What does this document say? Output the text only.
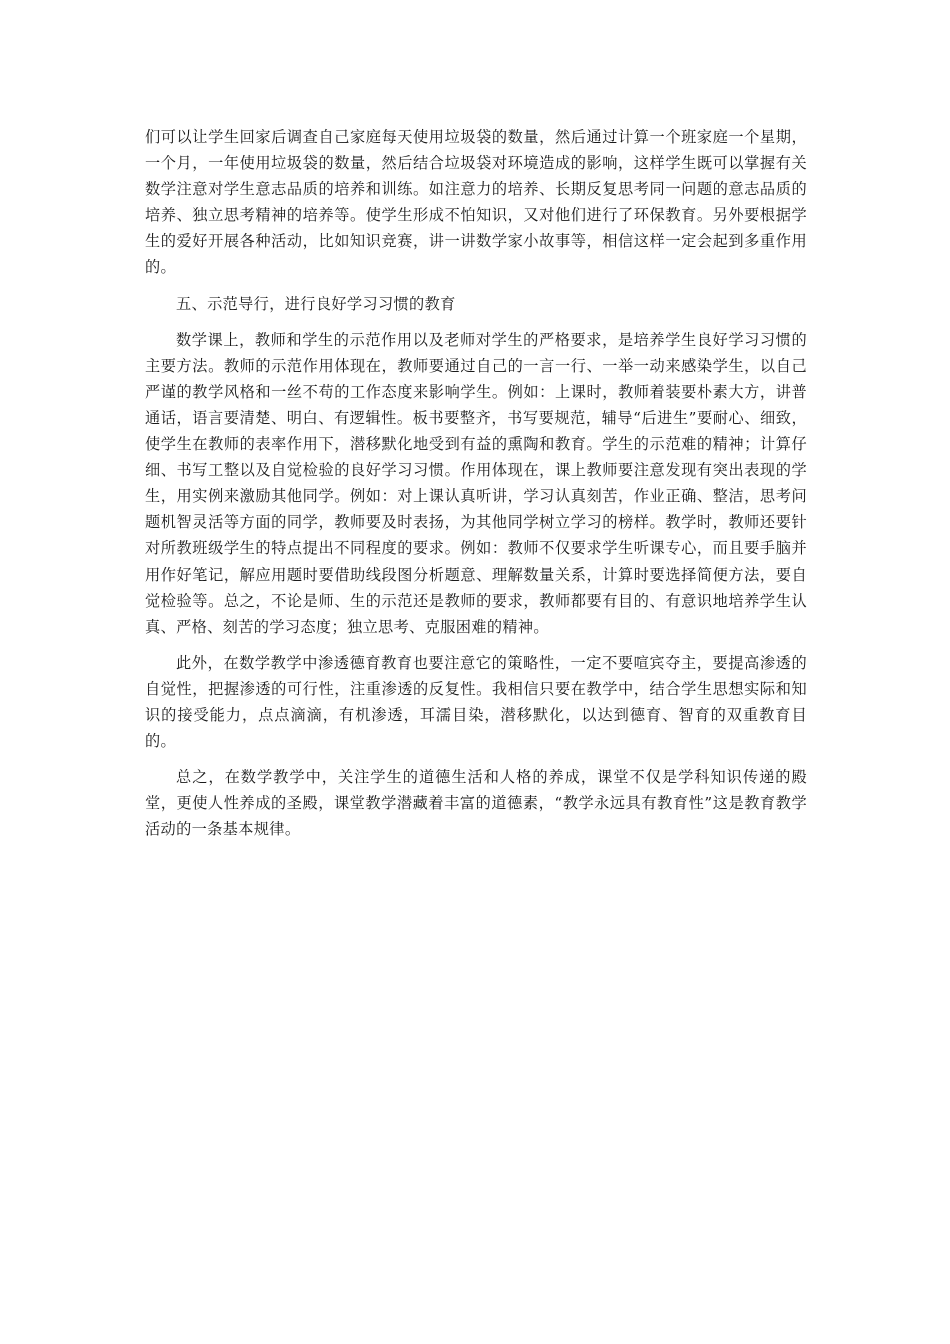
们可以让学生回家后调查自己家庭每天使用垃圾袋的数量，然后通过计算一个班家庭一个星期，一个月，一年使用垃圾袋的数量，然后结合垃圾袋对环境造成的影响，这样学生既可以掌握有关数学注意对学生意志品质的培养和训练。如注意力的培养、长期反复思考同一问题的意志品质的培养、独立思考精神的培养等。使学生形成不怕知识，又对他们进行了环保教育。另外要根据学生的爱好开展各种活动，比如知识竞赛，讲一讲数学家小故事等，相信这样一定会起到多重作用的。

五、示范导行，进行良好学习习惯的教育

数学课上，教师和学生的示范作用以及老师对学生的严格要求，是培养学生良好学习习惯的主要方法。教师的示范作用体现在，教师要通过自己的一言一行、一举一动来感染学生，以自己严谨的教学风格和一丝不苟的工作态度来影响学生。例如：上课时，教师着装要朴素大方，讲普通话，语言要清楚、明白、有逻辑性。板书要整齐，书写要规范，辅导“后进生”要耐心、细致，使学生在教师的表率作用下，潜移默化地受到有益的熏陶和教育。学生的示范难的精神；计算仔细、书写工整以及自觉检验的良好学习习惯。作用体现在，课上教师要注意发现有突出表现的学生，用实例来激励其他同学。例如：对上课认真听讲，学习认真刻苦，作业正确、整洁，思考问题机智灵活等方面的同学，教师要及时表扬，为其他同学树立学习的榜样。教学时，教师还要针对所教班级学生的特点提出不同程度的要求。例如：教师不仅要求学生听课专心，而且要手脑并用作好笔记，解应用题时要借助线段图分析题意、理解数量关系，计算时要选择简便方法，要自觉检验等。总之，不论是师、生的示范还是教师的要求，教师都要有目的、有意识地培养学生认真、严格、刻苦的学习态度；独立思考、克服困难的精神。

此外，在数学教学中渗透德育教育也要注意它的策略性，一定不要喧宾夺主，要提高渗透的自觉性，把握渗透的可行性，注重渗透的反复性。我相信只要在教学中，结合学生思想实际和知识的接受能力，点点滴滴，有机渗透，耳濡目染，潜移默化，以达到德育、智育的双重教育目的。

总之，在数学教学中，关注学生的道德生活和人格的养成，课堂不仅是学科知识传递的殿堂，更使人性养成的圣殿，课堂教学潜藏着丰富的道德素，“教学永远具有教育性”这是教育教学活动的一条基本规律。
